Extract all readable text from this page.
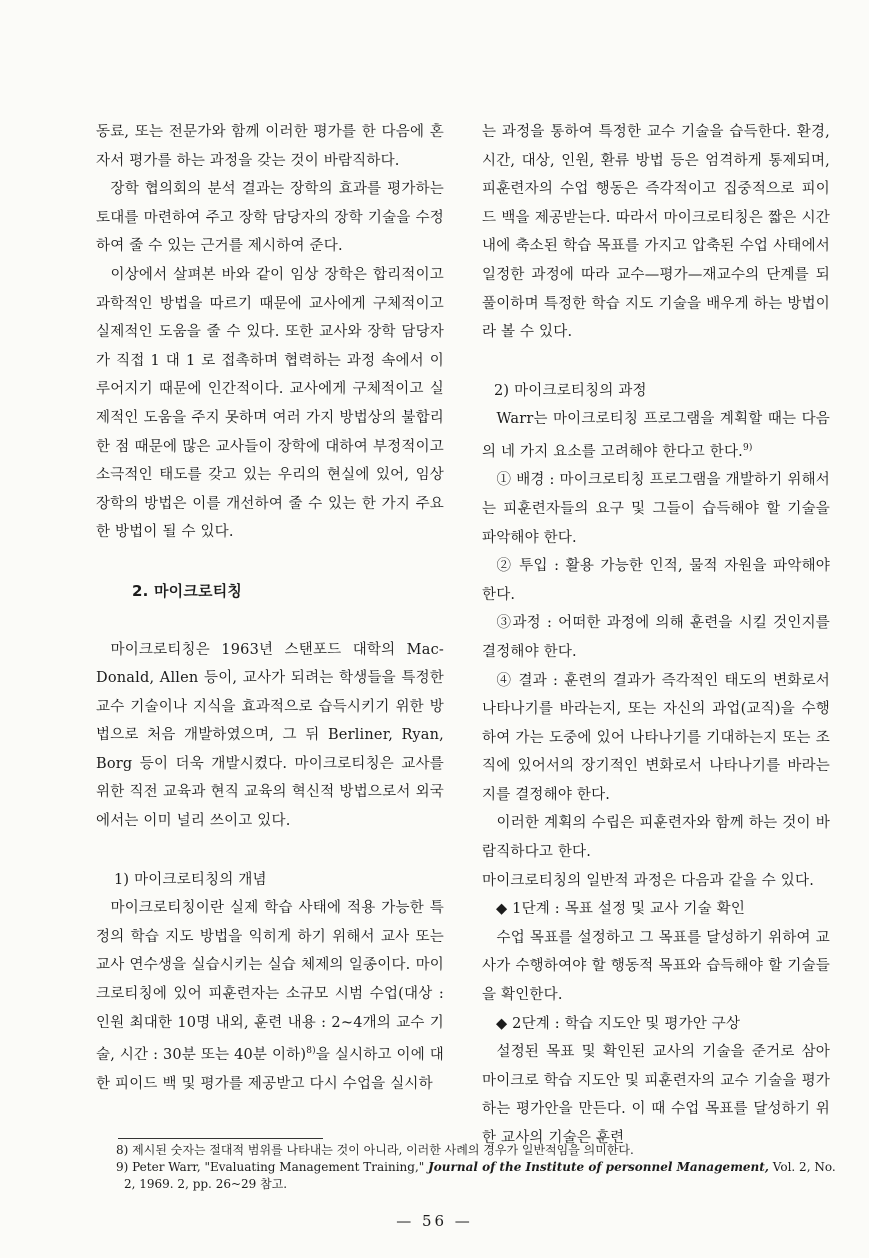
동료, 또는 전문가와 함께 이러한 평가를 한 다음에 혼자서 평가를 하는 과정을 갖는 것이 바람직하다.

장학 협의회의 분석 결과는 장학의 효과를 평가하는 토대를 마련하여 주고 장학 담당자의 장학 기술을 수정하여 줄 수 있는 근거를 제시하여 준다.

이상에서 살펴본 바와 같이 임상 장학은 합리적이고 과학적인 방법을 따르기 때문에 교사에게 구체적이고 실제적인 도움을 줄 수 있다. 또한 교사와 장학 담당자가 직접 1 대 1 로 접촉하며 협력하는 과정 속에서 이루어지기 때문에 인간적이다. 교사에게 구체적이고 실제적인 도움을 주지 못하며 여러 가지 방법상의 불합리한 점 때문에 많은 교사들이 장학에 대하여 부정적이고 소극적인 태도를 갖고 있는 우리의 현실에 있어, 임상 장학의 방법은 이를 개선하여 줄 수 있는 한 가지 주요한 방법이 될 수 있다.

2. 마이크로티칭

마이크로티칭은 1963년 스탠포드 대학의 Mac-Donald, Allen 등이, 교사가 되려는 학생들을 특정한 교수 기술이나 지식을 효과적으로 습득시키기 위한 방법으로 처음 개발하였으며, 그 뒤 Berliner, Ryan, Borg 등이 더욱 개발시켰다. 마이크로티칭은 교사를 위한 직전 교육과 현직 교육의 혁신적 방법으로서 외국에서는 이미 널리 쓰이고 있다.

1) 마이크로티칭의 개념

마이크로티칭이란 실제 학습 사태에 적용 가능한 특정의 학습 지도 방법을 익히게 하기 위해서 교사 또는 교사 연수생을 실습시키는 실습 체제의 일종이다. 마이크로티칭에 있어 피훈련자는 소규모 시범 수업(대상 : 인원 최대한 10명 내외, 훈련 내용 : 2~4개의 교수 기술, 시간 : 30분 또는 40분 이하)$^{8)}$을 실시하고 이에 대한 피이드 백 및 평가를 제공받고 다시 수업을 실시하

는 과정을 통하여 특정한 교수 기술을 습득한다. 환경, 시간, 대상, 인원, 환류 방법 등은 엄격하게 통제되며, 피훈련자의 수업 행동은 즉각적이고 집중적으로 피이드 백을 제공받는다. 따라서 마이크로티칭은 짧은 시간 내에 축소된 학습 목표를 가지고 압축된 수업 사태에서 일정한 과정에 따라 교수—평가—재교수의 단계를 되풀이하며 특정한 학습 지도 기술을 배우게 하는 방법이라 볼 수 있다.

2) 마이크로티칭의 과정

Warr는 마이크로티칭 프로그램을 계획할 때는 다음의 네 가지 요소를 고려해야 한다고 한다.$^{9)}$

① 배경 : 마이크로티칭 프로그램을 개발하기 위해서는 피훈련자들의 요구 및 그들이 습득해야 할 기술을 파악해야 한다.

② 투입 : 활용 가능한 인적, 물적 자원을 파악해야 한다.

③과정 : 어떠한 과정에 의해 훈련을 시킬 것인지를 결정해야 한다.

④ 결과 : 훈련의 결과가 즉각적인 태도의 변화로서 나타나기를 바라는지, 또는 자신의 과업(교직)을 수행하여 가는 도중에 있어 나타나기를 기대하는지 또는 조직에 있어서의 장기적인 변화로서 나타나기를 바라는지를 결정해야 한다.

이러한 계획의 수립은 피훈련자와 함께 하는 것이 바람직하다고 한다.

마이크로티칭의 일반적 과정은 다음과 같을 수 있다.

◆ 1단계 : 목표 설정 및 교사 기술 확인

수업 목표를 설정하고 그 목표를 달성하기 위하여 교사가 수행하여야 할 행동적 목표와 습득해야 할 기술들을 확인한다.

◆ 2단계 : 학습 지도안 및 평가안 구상

설정된 목표 및 확인된 교사의 기술을 준거로 삼아 마이크로 학습 지도안 및 피훈련자의 교수 기술을 평가하는 평가안을 만든다. 이 때 수업 목표를 달성하기 위한 교사의 기술은 훈련

8) 제시된 숫자는 절대적 범위를 나타내는 것이 아니라, 이러한 사례의 경우가 일반적임을 의미한다.

9) Peter Warr, "Evaluating Management Training," Journal of the Institute of personnel Management, Vol. 2, No. 2, 1969. 2, pp. 26~29 참고.

— 56 —
